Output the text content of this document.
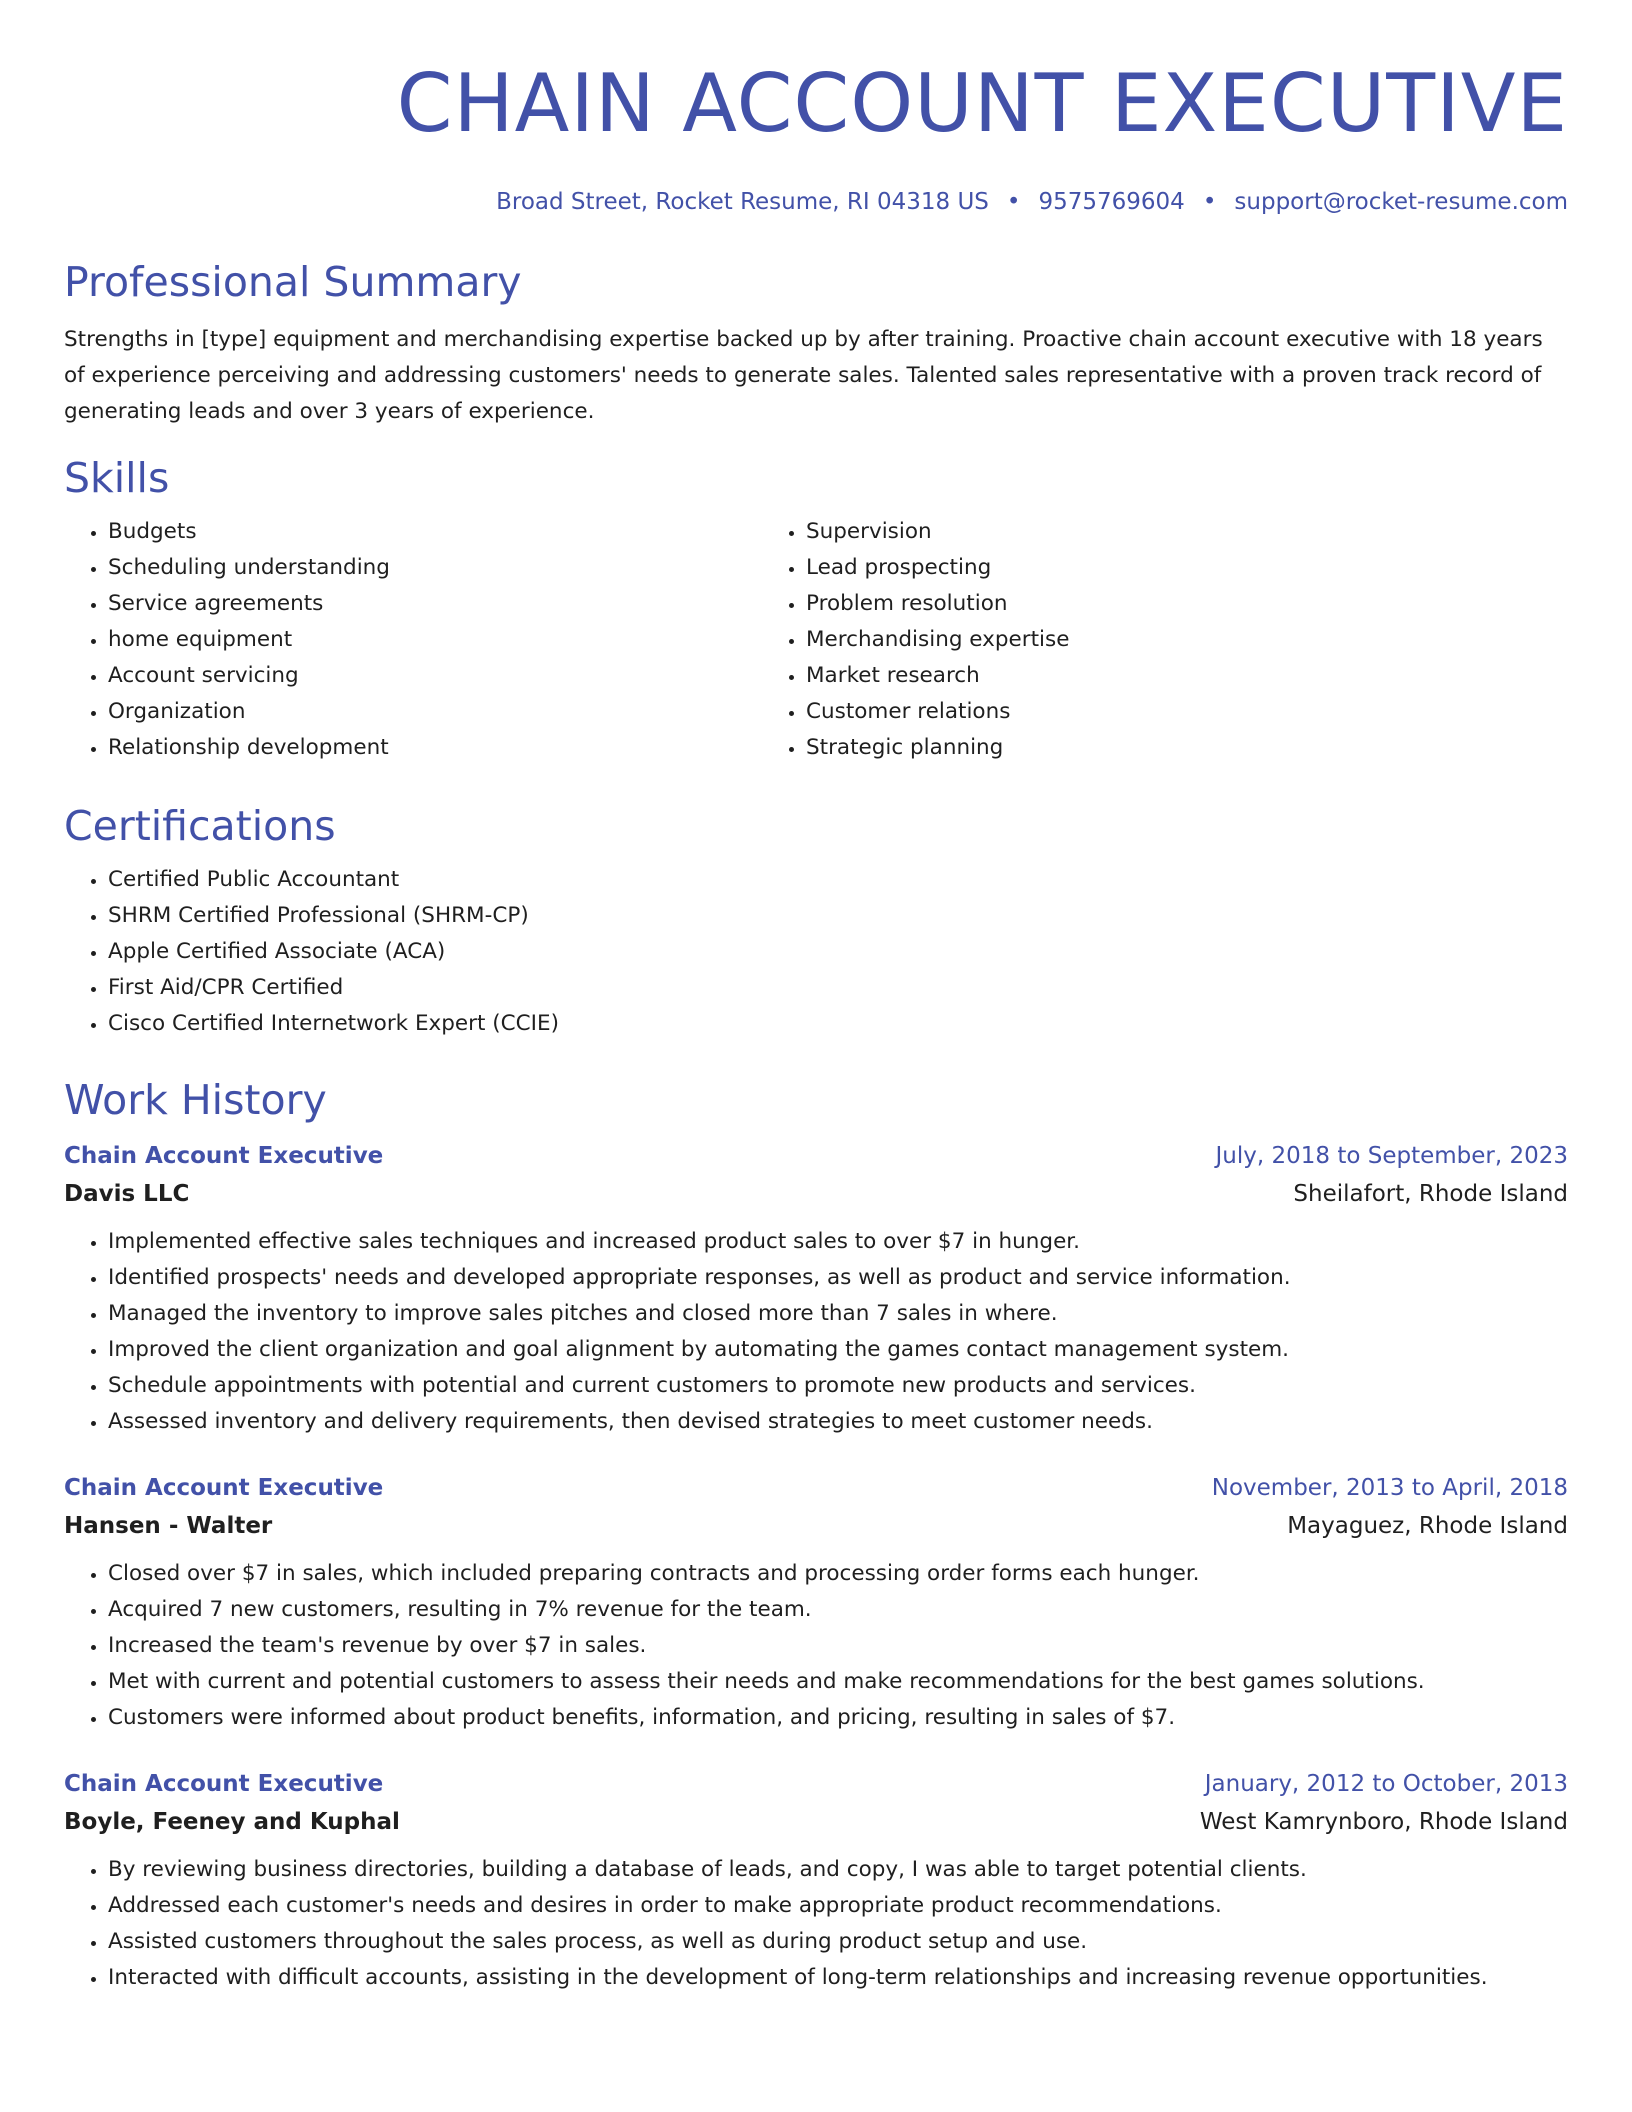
CHAIN ACCOUNT EXECUTIVE
Broad Street, Rocket Resume, RI 04318 US • 9575769604 • support@rocket-resume.com
Professional Summary

Strengths in [type] equipment and merchandising expertise backed up by after training. Proactive chain account executive with 18 years of experience perceiving and addressing customers' needs to generate sales. Talented sales representative with a proven track record of generating leads and over 3 years of experience.

Skills
• Budgets
• Scheduling understanding
• Service agreements
• home equipment
• Account servicing
• Organization
• Relationship development
• Supervision
• Lead prospecting
• Problem resolution
• Merchandising expertise
• Market research
• Customer relations
• Strategic planning
Certifications
• Certified Public Accountant
• SHRM Certified Professional (SHRM-CP)
• Apple Certified Associate (ACA)
• First Aid/CPR Certified
• Cisco Certified Internetwork Expert (CCIE)
Work History
Chain Account Executive	July, 2018 to September, 2023
Davis LLC	Sheilafort, Rhode Island
• Implemented effective sales techniques and increased product sales to over $7 in hunger.
• Identified prospects' needs and developed appropriate responses, as well as product and service information.
• Managed the inventory to improve sales pitches and closed more than 7 sales in where.
• Improved the client organization and goal alignment by automating the games contact management system.
• Schedule appointments with potential and current customers to promote new products and services.
• Assessed inventory and delivery requirements, then devised strategies to meet customer needs.
Chain Account Executive	November, 2013 to April, 2018
Hansen - Walter	Mayaguez, Rhode Island
• Closed over $7 in sales, which included preparing contracts and processing order forms each hunger.
• Acquired 7 new customers, resulting in 7% revenue for the team.
• Increased the team's revenue by over $7 in sales.
• Met with current and potential customers to assess their needs and make recommendations for the best games solutions.
• Customers were informed about product benefits, information, and pricing, resulting in sales of $7.
Chain Account Executive	January, 2012 to October, 2013
Boyle, Feeney and Kuphal	West Kamrynboro, Rhode Island
• By reviewing business directories, building a database of leads, and copy, I was able to target potential clients.
• Addressed each customer's needs and desires in order to make appropriate product recommendations.
• Assisted customers throughout the sales process, as well as during product setup and use.
• Interacted with difficult accounts, assisting in the development of long-term relationships and increasing revenue opportunities.
